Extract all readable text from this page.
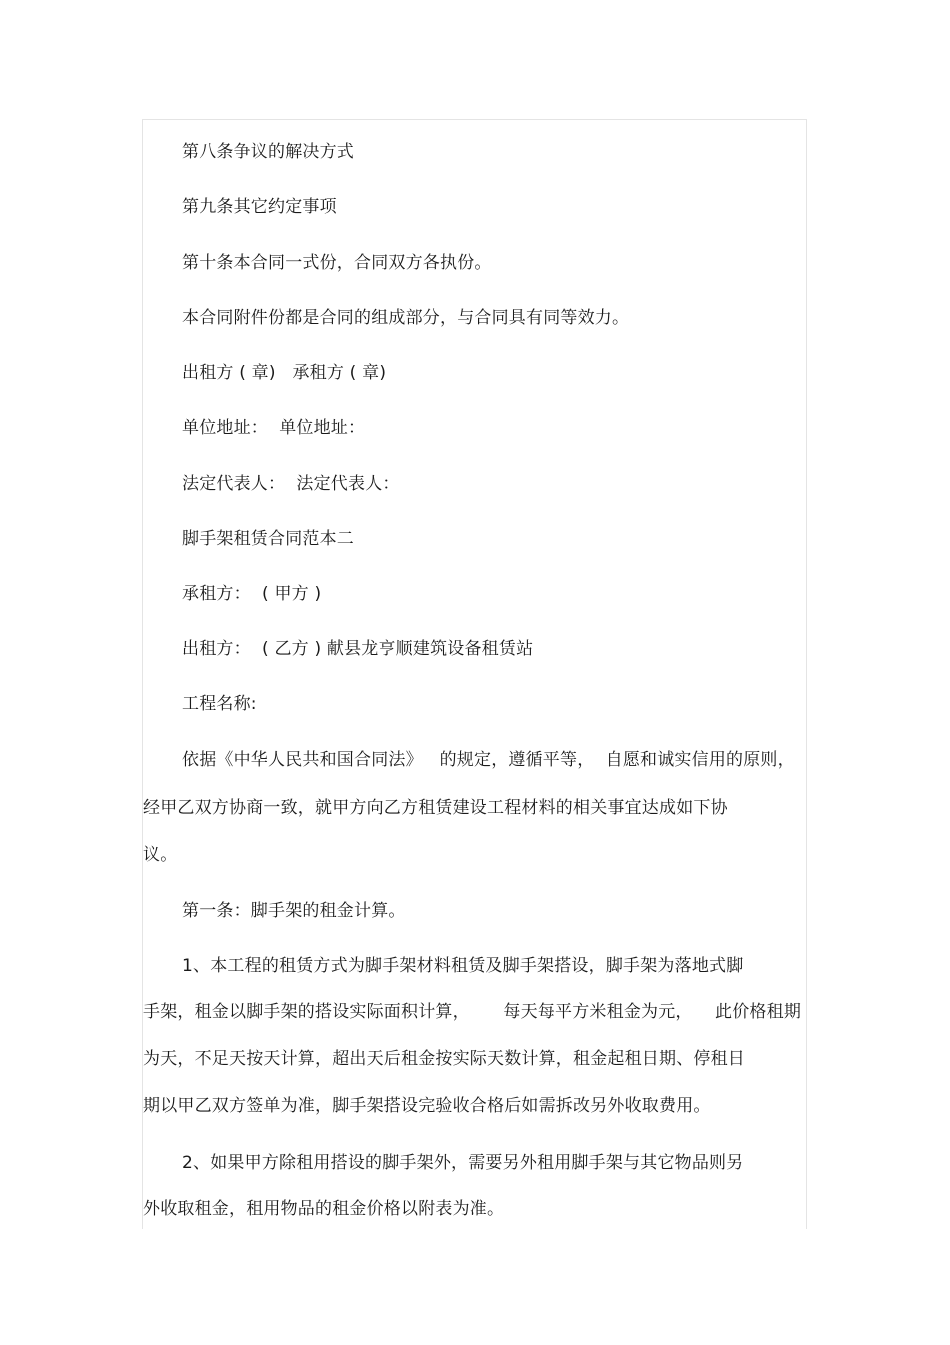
第八条争议的解决方式
第九条其它约定事项
第十条本合同一式份，合同双方各执份。
本合同附件份都是合同的组成部分，与合同具有同等效力。
出租方 ( 章)   承租方 ( 章)
单位地址：  单位地址：
法定代表人：  法定代表人：
脚手架租赁合同范本二
承租方：  ( 甲方 )
出租方：  ( 乙方 ) 献县龙亨顺建筑设备租赁站
工程名称:
依据《中华人民共和国合同法》   的规定，遵循平等，  自愿和诚实信用的原则，
经甲乙双方协商一致，就甲方向乙方租赁建设工程材料的相关事宜达成如下协
议。
第一条：脚手架的租金计算。
1、本工程的租赁方式为脚手架材料租赁及脚手架搭设，脚手架为落地式脚
手架，租金以脚手架的搭设实际面积计算，      每天每平方米租金为元，    此价格租期
为天，不足天按天计算，超出天后租金按实际天数计算，租金起租日期、停租日
期以甲乙双方签单为准，脚手架搭设完验收合格后如需拆改另外收取费用。
2、如果甲方除租用搭设的脚手架外，需要另外租用脚手架与其它物品则另
外收取租金，租用物品的租金价格以附表为准。
